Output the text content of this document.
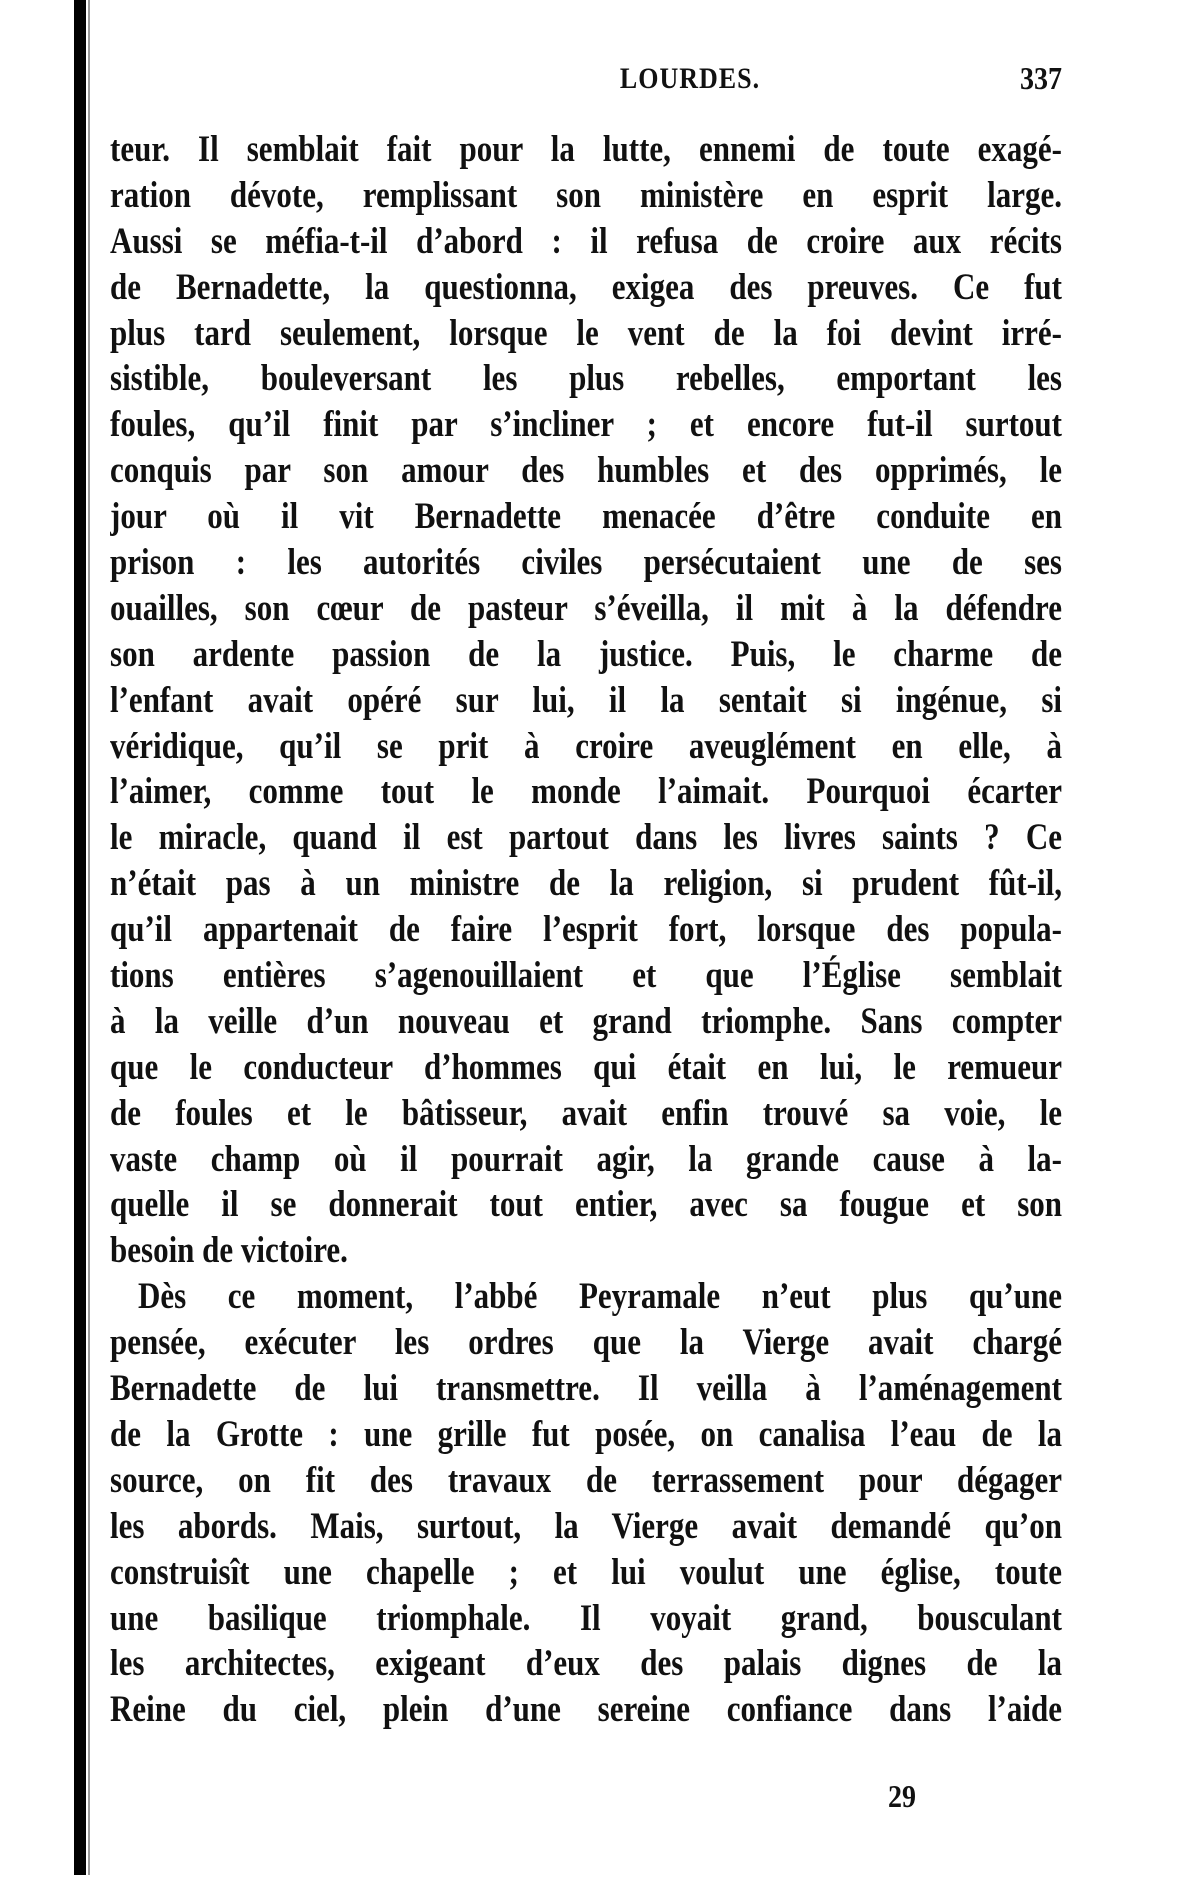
LOURDES.	337
teur. Il semblait fait pour la lutte, ennemi de toute exagé-
ration dévote, remplissant son ministère en esprit large.
Aussi se méfia-t-il d’abord : il refusa de croire aux récits
de Bernadette, la questionna, exigea des preuves. Ce fut
plus tard seulement, lorsque le vent de la foi devint irré-
sistible, bouleversant les plus rebelles, emportant les
foules, qu’il finit par s’incliner ; et encore fut-il surtout
conquis par son amour des humbles et des opprimés, le
jour où il vit Bernadette menacée d’être conduite en
prison : les autorités civiles persécutaient une de ses
ouailles, son cœur de pasteur s’éveilla, il mit à la défendre
son ardente passion de la justice. Puis, le charme de
l’enfant avait opéré sur lui, il la sentait si ingénue, si
véridique, qu’il se prit à croire aveuglément en elle, à
l’aimer, comme tout le monde l’aimait. Pourquoi écarter
le miracle, quand il est partout dans les livres saints ? Ce
n’était pas à un ministre de la religion, si prudent fût-il,
qu’il appartenait de faire l’esprit fort, lorsque des popula-
tions entières s’agenouillaient et que l’Église semblait
à la veille d’un nouveau et grand triomphe. Sans compter
que le conducteur d’hommes qui était en lui, le remueur
de foules et le bâtisseur, avait enfin trouvé sa voie, le
vaste champ où il pourrait agir, la grande cause à la-
quelle il se donnerait tout entier, avec sa fougue et son
besoin de victoire.
Dès ce moment, l’abbé Peyramale n’eut plus qu’une
pensée, exécuter les ordres que la Vierge avait chargé
Bernadette de lui transmettre. Il veilla à l’aménagement
de la Grotte : une grille fut posée, on canalisa l’eau de la
source, on fit des travaux de terrassement pour dégager
les abords. Mais, surtout, la Vierge avait demandé qu’on
construisît une chapelle ; et lui voulut une église, toute
une basilique triomphale. Il voyait grand, bousculant
les architectes, exigeant d’eux des palais dignes de la
Reine du ciel, plein d’une sereine confiance dans l’aide
29
